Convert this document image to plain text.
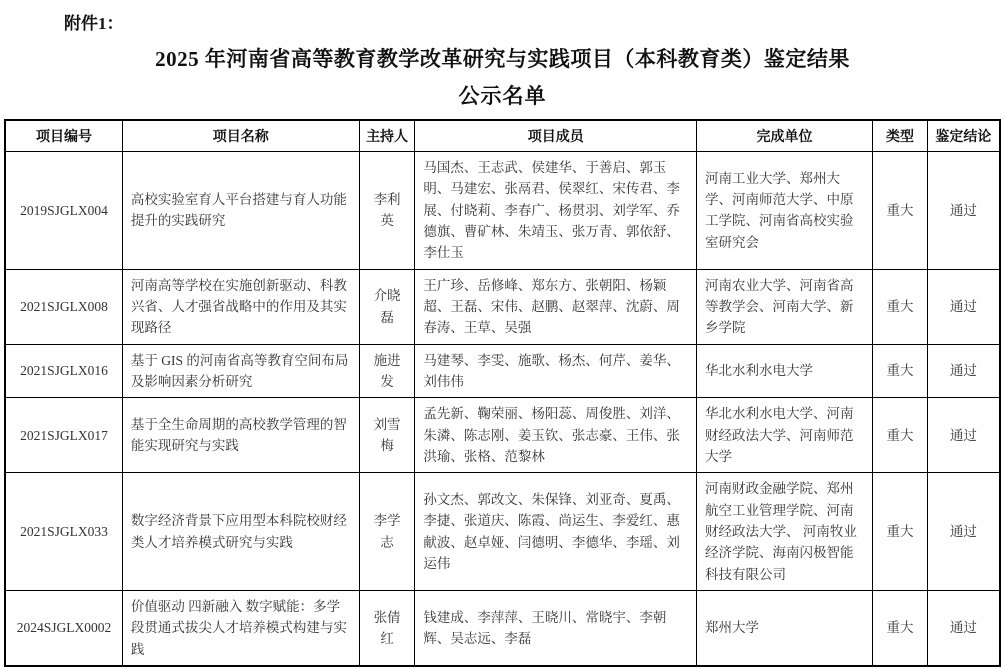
附件1：
2025 年河南省高等教育教学改革研究与实践项目（本科教育类）鉴定结果
公示名单
项目编号	项目名称	主持人	项目成员	完成单位	类型	鉴定结论
2019SJGLX004	高校实验室育人平台搭建与育人功能提升的实践研究	李利英	马国杰、王志武、侯建华、于善启、郭玉明、马建宏、张鬲君、侯翠红、宋传君、李展、付晓莉、李春广、杨贯羽、刘学军、乔德旗、曹矿林、朱靖玉、张万青、郭依舒、李仕玉	河南工业大学、郑州大学、河南师范大学、中原工学院、河南省高校实验室研究会	重大	通过
2021SJGLX008	河南高等学校在实施创新驱动、科教兴省、人才强省战略中的作用及其实现路径	介晓磊	王广珍、岳修峰、郑东方、张朝阳、杨颖超、王磊、宋伟、赵鹏、赵翠萍、沈蔚、周春涛、王草、吴强	河南农业大学、河南省高等教学会、河南大学、新乡学院	重大	通过
2021SJGLX016	基于 GIS 的河南省高等教育空间布局及影响因素分析研究	施进发	马建琴、李雯、施歌、杨杰、何芹、姜华、刘伟伟	华北水利水电大学	重大	通过
2021SJGLX017	基于全生命周期的高校教学管理的智能实现研究与实践	刘雪梅	孟先新、鞠荣丽、杨阳蕊、周俊胜、刘洋、朱潾、陈志刚、姜玉钦、张志豪、王伟、张洪瑜、张格、范黎林	华北水利水电大学、河南财经政法大学、河南师范大学	重大	通过
2021SJGLX033	数字经济背景下应用型本科院校财经类人才培养模式研究与实践	李学志	孙文杰、郭改文、朱保锋、刘亚奇、夏禹、李捷、张道庆、陈霞、尚运生、李爱红、惠献波、赵卓娅、闫德明、李德华、李瑶、刘运伟	河南财政金融学院、郑州航空工业管理学院、河南财经政法大学、 河南牧业经济学院、海南闪极智能科技有限公司	重大	通过
2024SJGLX0002	价值驱动 四新融入 数字赋能：多学段贯通式拔尖人才培养模式构建与实践	张倩红	钱建成、李萍萍、王晓川、常晓宇、李朝辉、吴志远、李磊	郑州大学	重大	通过
